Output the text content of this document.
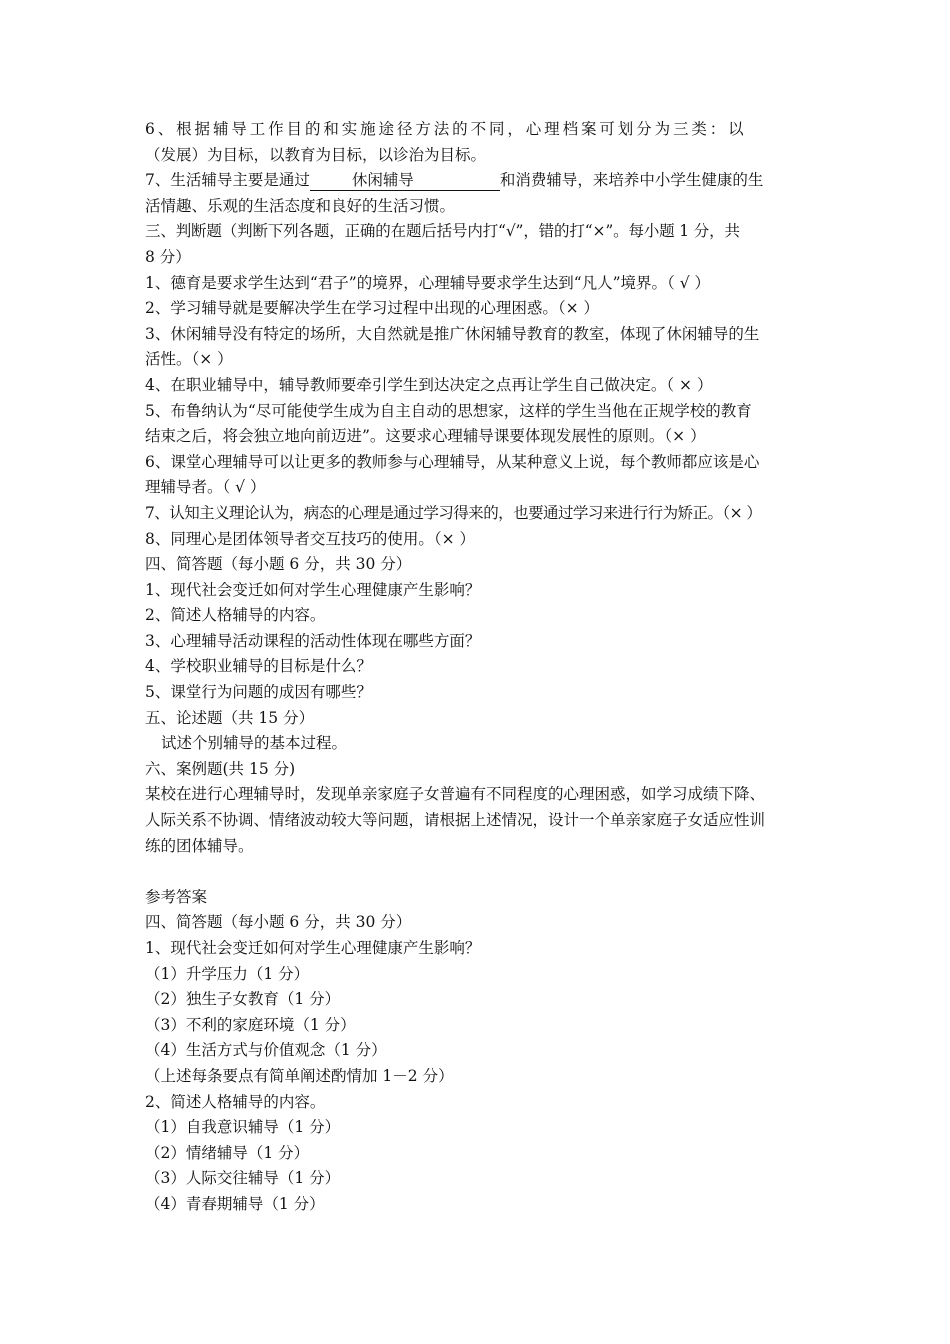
6、根据辅导工作目的和实施途径方法的不同，心理档案可划分为三类：以
（发展）为目标，以教育为目标，以诊治为目标。
7、生活辅导主要是通过	休闲辅导	和消费辅导，来培养中小学生健康的生
活情趣、乐观的生活态度和良好的生活习惯。
三、判断题（判断下列各题，正确的在题后括号内打“√”，错的打“×”。每小题 1 分，共
8 分）
1、德育是要求学生达到“君子”的境界，心理辅导要求学生达到“凡人”境界。（ √ ）
2、学习辅导就是要解决学生在学习过程中出现的心理困惑。（× ）
3、休闲辅导没有特定的场所，大自然就是推广休闲辅导教育的教室，体现了休闲辅导的生
活性。（× ）
4、在职业辅导中，辅导教师要牵引学生到达决定之点再让学生自己做决定。（ × ）
5、布鲁纳认为“尽可能使学生成为自主自动的思想家，这样的学生当他在正规学校的教育
结束之后，将会独立地向前迈进”。这要求心理辅导课要体现发展性的原则。（× ）
6、课堂心理辅导可以让更多的教师参与心理辅导，从某种意义上说，每个教师都应该是心
理辅导者。（ √ ）
7、认知主义理论认为，病态的心理是通过学习得来的，也要通过学习来进行行为矫正。（× ）
8、同理心是团体领导者交互技巧的使用。（× ）
四、简答题（每小题 6 分，共 30 分）
1、现代社会变迁如何对学生心理健康产生影响？
2、简述人格辅导的内容。
3、心理辅导活动课程的活动性体现在哪些方面？
4、学校职业辅导的目标是什么？
5、课堂行为问题的成因有哪些？
五、论述题（共 15 分）
试述个别辅导的基本过程。
六、案例题(共 15 分)
某校在进行心理辅导时，发现单亲家庭子女普遍有不同程度的心理困惑，如学习成绩下降、
人际关系不协调、情绪波动较大等问题，请根据上述情况，设计一个单亲家庭子女适应性训
练的团体辅导。
参考答案
四、简答题（每小题 6 分，共 30 分）
1、现代社会变迁如何对学生心理健康产生影响？
（1）升学压力（1 分）
（2）独生子女教育（1 分）
（3）不利的家庭环境（1 分）
（4）生活方式与价值观念（1 分）
（上述每条要点有简单阐述酌情加 1－2 分）
2、简述人格辅导的内容。
（1）自我意识辅导（1 分）
（2）情绪辅导（1 分）
（3）人际交往辅导（1 分）
（4）青春期辅导（1 分）
